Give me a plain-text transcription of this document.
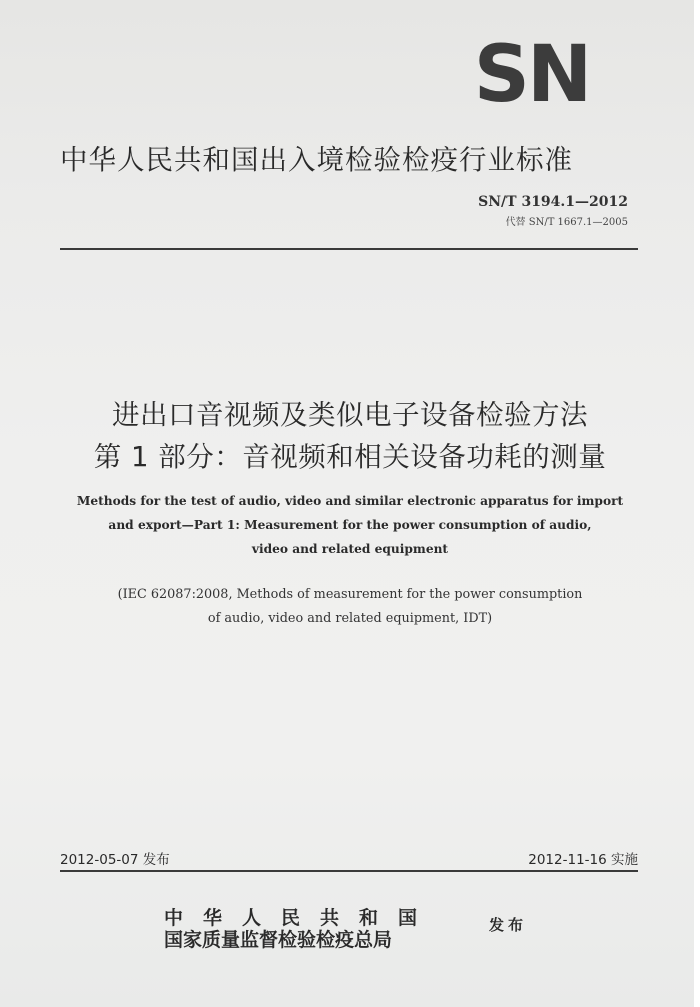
SN
中华人民共和国出入境检验检疫行业标准
SN/T 3194.1—2012
代替 SN/T 1667.1—2005
进出口音视频及类似电子设备检验方法
第 1 部分：音视频和相关设备功耗的测量
Methods for the test of audio, video and similar electronic apparatus for import
and export—Part 1: Measurement for the power consumption of audio,
video and related equipment
(IEC 62087:2008, Methods of measurement for the power consumption
of audio, video and related equipment, IDT)
2012-05-07 发布	2012-11-16 实施
中华人民共和国
国家质量监督检验检疫总局
发布
